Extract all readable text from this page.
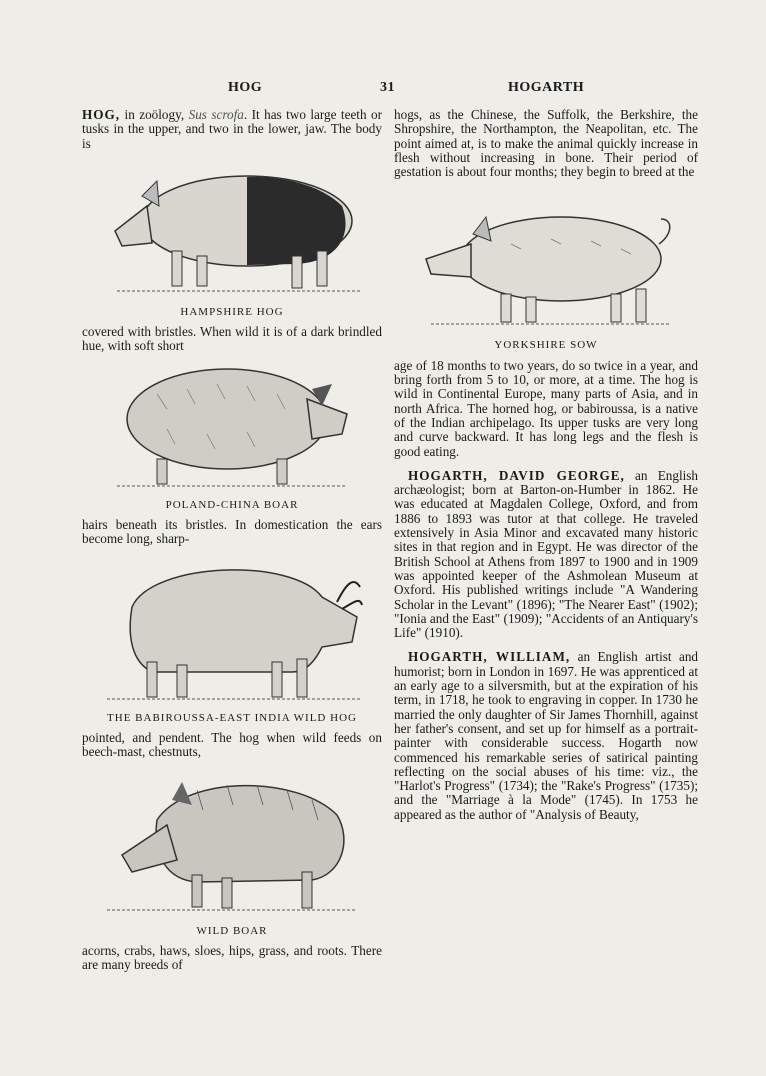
HOG	31	HOGARTH

HOG, in zoölogy, Sus scrofa. It has two large teeth or tusks in the upper, and two in the lower, jaw. The body is

HAMPSHIRE HOG

covered with bristles. When wild it is of a dark brindled hue, with soft short

POLAND-CHINA BOAR

hairs beneath its bristles. In domestication the ears become long, sharp-

THE BABIROUSSA-EAST INDIA WILD HOG

pointed, and pendent. The hog when wild feeds on beech-mast, chestnuts,

WILD BOAR

acorns, crabs, haws, sloes, hips, grass, and roots. There are many breeds of

hogs, as the Chinese, the Suffolk, the Berkshire, the Shropshire, the Northampton, the Neapolitan, etc. The point aimed at, is to make the animal quickly increase in flesh without increasing in bone. Their period of gestation is about four months; they begin to breed at the

YORKSHIRE SOW

age of 18 months to two years, do so twice in a year, and bring forth from 5 to 10, or more, at a time. The hog is wild in Continental Europe, many parts of Asia, and in north Africa. The horned hog, or babiroussa, is a native of the Indian archipelago. Its upper tusks are very long and curve backward. It has long legs and the flesh is good eating.

HOGARTH, DAVID GEORGE, an English archæologist; born at Barton-on-Humber in 1862. He was educated at Magdalen College, Oxford, and from 1886 to 1893 was tutor at that college. He traveled extensively in Asia Minor and excavated many historic sites in that region and in Egypt. He was director of the British School at Athens from 1897 to 1900 and in 1909 was appointed keeper of the Ashmolean Museum at Oxford. His published writings include "A Wandering Scholar in the Levant" (1896); "The Nearer East" (1902); "Ionia and the East" (1909); "Accidents of an Antiquary's Life" (1910).

HOGARTH, WILLIAM, an English artist and humorist; born in London in 1697. He was apprenticed at an early age to a silversmith, but at the expiration of his term, in 1718, he took to engraving in copper. In 1730 he married the only daughter of Sir James Thornhill, against her father's consent, and set up for himself as a portrait-painter with considerable success. Hogarth now commenced his remarkable series of satirical painting reflecting on the social abuses of his time: viz., the "Harlot's Progress" (1734); the "Rake's Progress" (1735); and the "Marriage à la Mode" (1745). In 1753 he appeared as the author of "Analysis of Beauty,
